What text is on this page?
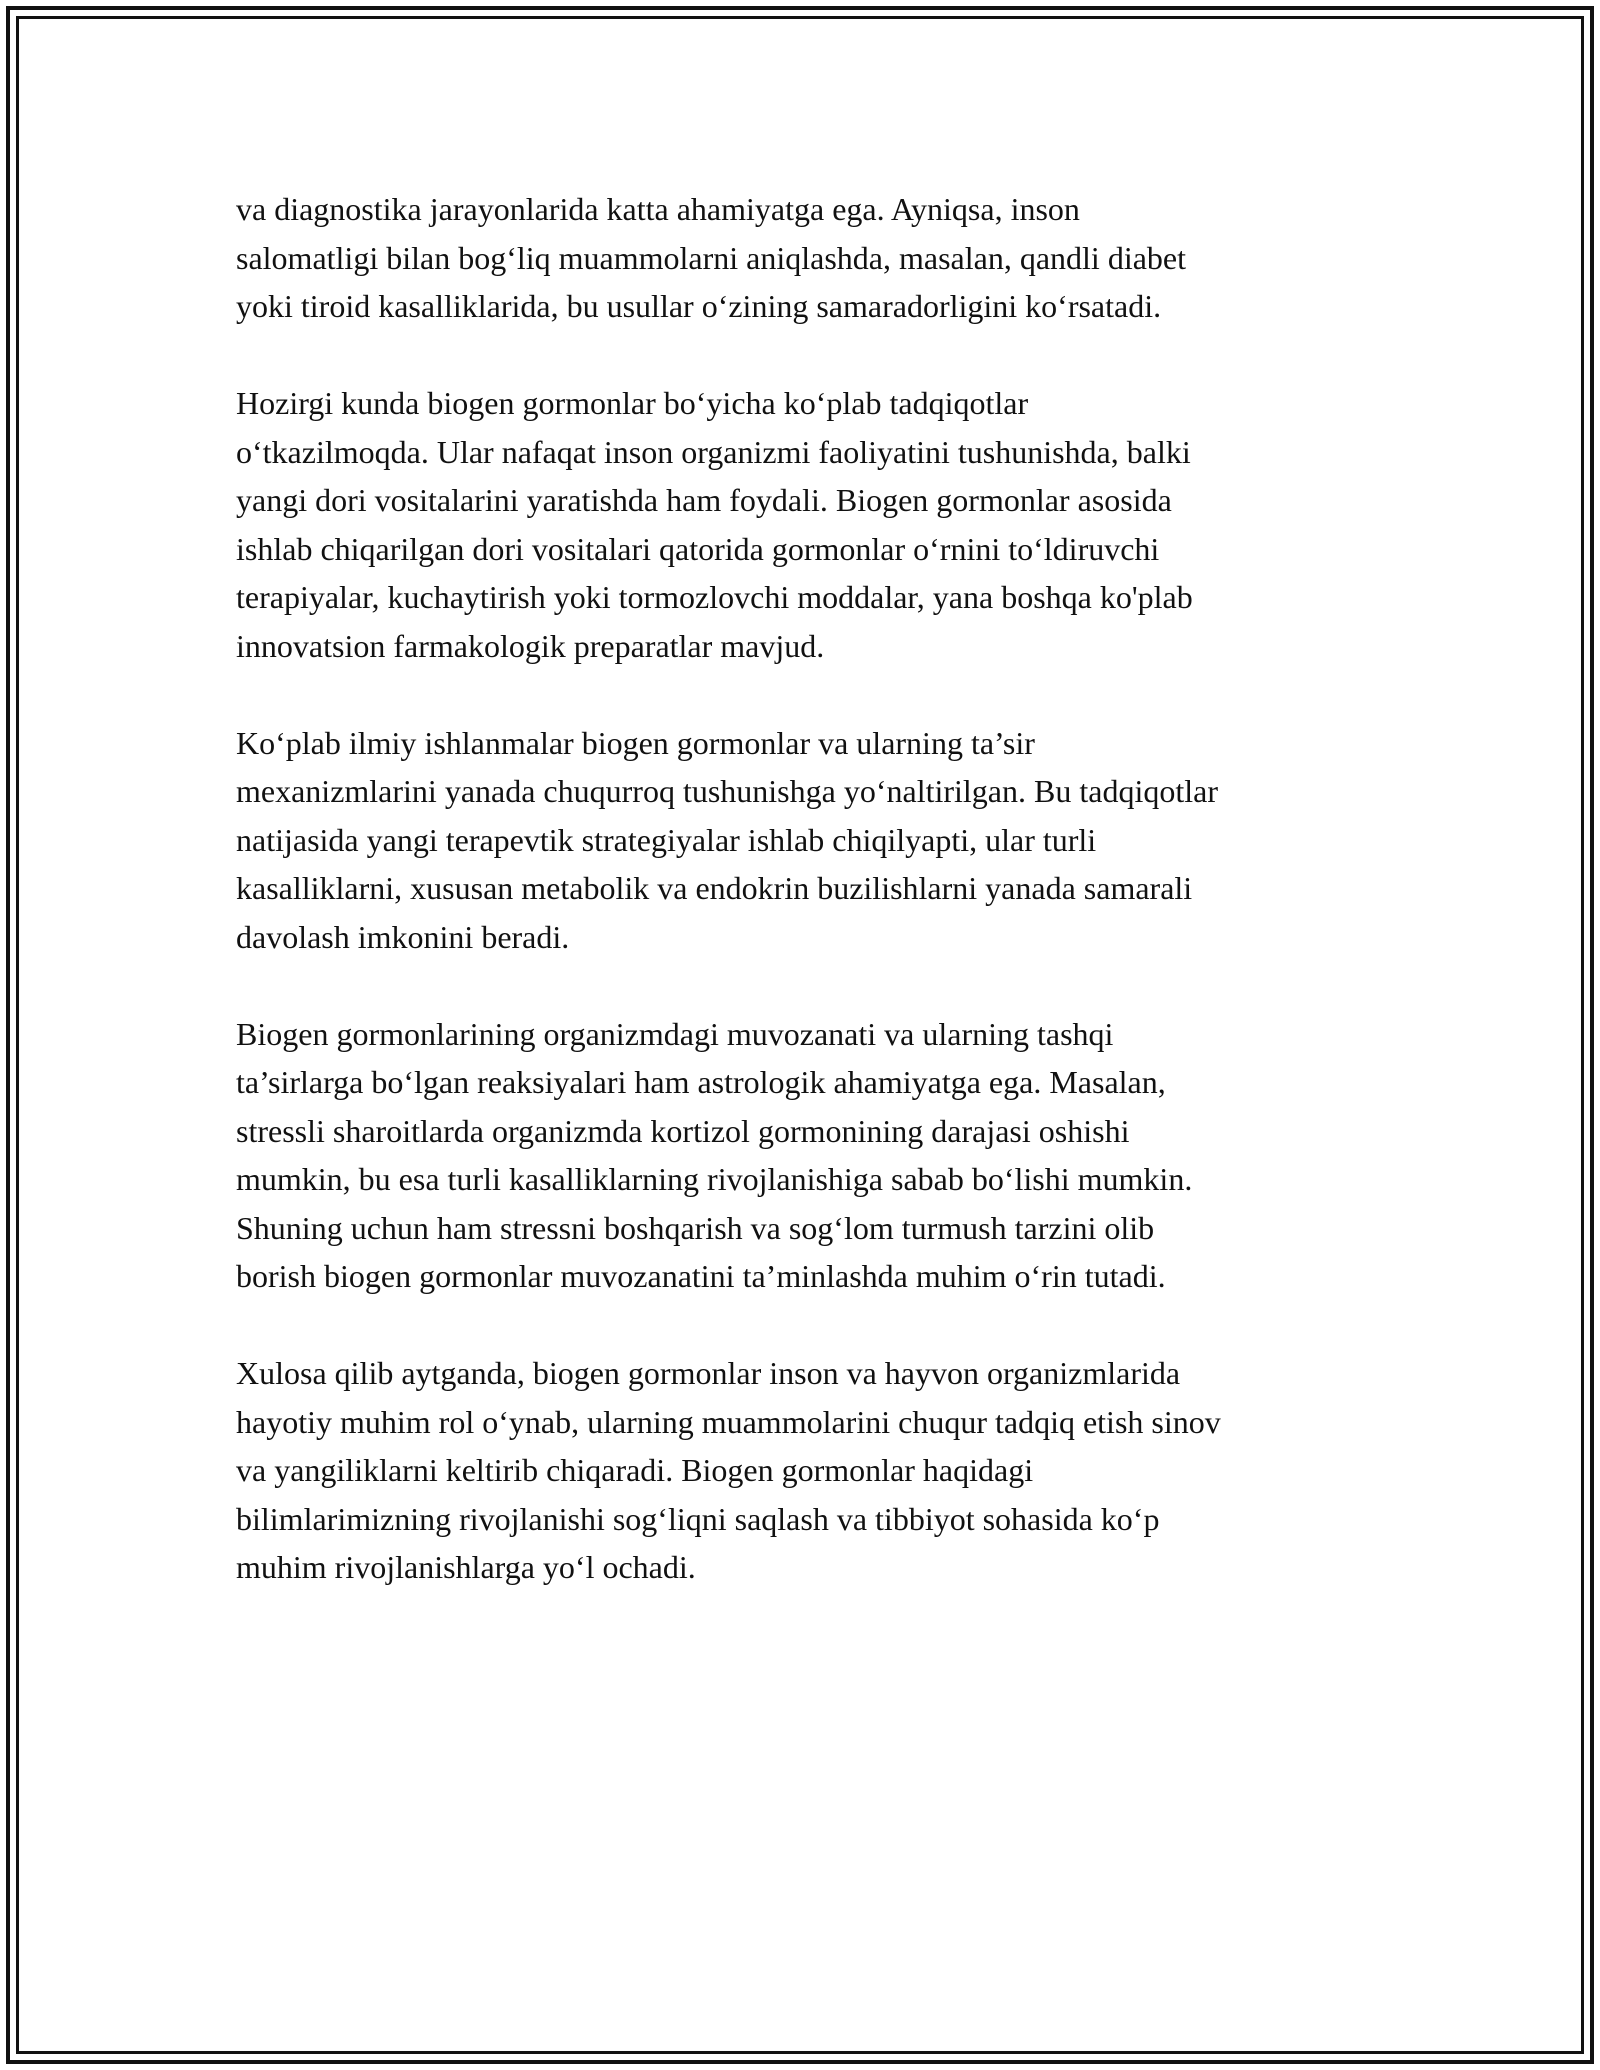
va diagnostika jarayonlarida katta ahamiyatga ega. Ayniqsa, inson
salomatligi bilan bog‘liq muammolarni aniqlashda, masalan, qandli diabet
yoki tiroid kasalliklarida, bu usullar o‘zining samaradorligini ko‘rsatadi.

Hozirgi kunda biogen gormonlar bo‘yicha ko‘plab tadqiqotlar
o‘tkazilmoqda. Ular nafaqat inson organizmi faoliyatini tushunishda, balki
yangi dori vositalarini yaratishda ham foydali. Biogen gormonlar asosida
ishlab chiqarilgan dori vositalari qatorida gormonlar o‘rnini to‘ldiruvchi
terapiyalar, kuchaytirish yoki tormozlovchi moddalar, yana boshqa ko'plab
innovatsion farmakologik preparatlar mavjud.

Ko‘plab ilmiy ishlanmalar biogen gormonlar va ularning ta’sir
mexanizmlarini yanada chuqurroq tushunishga yo‘naltirilgan. Bu tadqiqotlar
natijasida yangi terapevtik strategiyalar ishlab chiqilyapti, ular turli
kasalliklarni, xususan metabolik va endokrin buzilishlarni yanada samarali
davolash imkonini beradi.

Biogen gormonlarining organizmdagi muvozanati va ularning tashqi
ta’sirlarga bo‘lgan reaksiyalari ham astrologik ahamiyatga ega. Masalan,
stressli sharoitlarda organizmda kortizol gormonining darajasi oshishi
mumkin, bu esa turli kasalliklarning rivojlanishiga sabab bo‘lishi mumkin.
Shuning uchun ham stressni boshqarish va sog‘lom turmush tarzini olib
borish biogen gormonlar muvozanatini ta’minlashda muhim o‘rin tutadi.

Xulosa qilib aytganda, biogen gormonlar inson va hayvon organizmlarida
hayotiy muhim rol o‘ynab, ularning muammolarini chuqur tadqiq etish sinov
va yangiliklarni keltirib chiqaradi. Biogen gormonlar haqidagi
bilimlarimizning rivojlanishi sog‘liqni saqlash va tibbiyot sohasida ko‘p
muhim rivojlanishlarga yo‘l ochadi.
